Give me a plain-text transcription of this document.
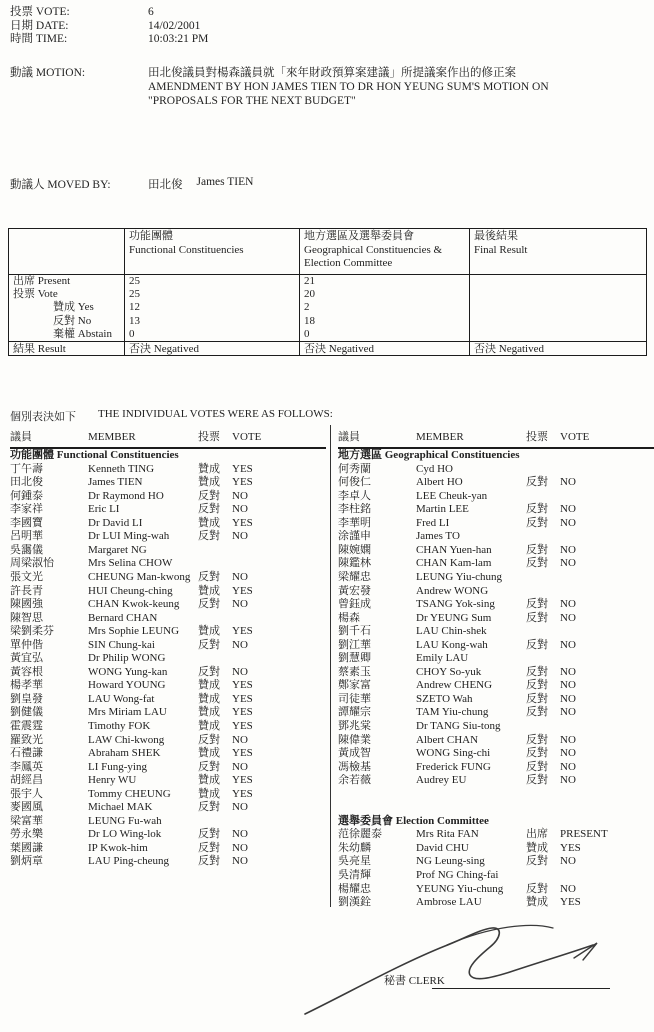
投票 VOTE:	6
日期 DATE:	14/02/2001
時間 TIME:	10:03:21 PM
動議 MOTION:	田北俊議員對楊森議員就「來年財政預算案建議」所提議案作出的修正案
AMENDMENT BY HON JAMES TIEN TO DR HON YEUNG SUM'S MOTION ON
"PROPOSALS FOR THE NEXT BUDGET"
動議人 MOVED BY:	田北俊 James TIEN
功能團體
Functional Constituencies
地方選區及選舉委員會
Geographical Constituencies & Election Committee
最後結果
Final Result
出席 Present	25	21
投票 Vote	25	20
贊成 Yes	12	2
反對 No	13	18
棄權 Abstain	0	0
結果 Result	否決 Negatived	否決 Negatived	否決 Negatived
個別表決如下 THE INDIVIDUAL VOTES WERE AS FOLLOWS:
議員	MEMBER	投票	VOTE
功能團體 Functional Constituencies
丁午壽	Kenneth TING	贊成	YES
田北俊	James TIEN	贊成	YES
何鍾泰	Dr Raymond HO	反對	NO
李家祥	Eric LI	反對	NO
李國寶	Dr David LI	贊成	YES
呂明華	Dr LUI Ming-wah	反對	NO
吳靄儀	Margaret NG
周梁淑怡	Mrs Selina CHOW
張文光	CHEUNG Man-kwong 反對	NO
許長青	HUI Cheung-ching	贊成	YES
陳國強	CHAN Kwok-keung	反對	NO
陳智思	Bernard CHAN
梁劉柔芬	Mrs Sophie LEUNG	贊成	YES
單仲偕	SIN Chung-kai	反對	NO
黃宜弘	Dr Philip WONG
黃容根	WONG Yung-kan	反對	NO
楊孝華	Howard YOUNG	贊成	YES
劉皇發	LAU Wong-fat	贊成	YES
劉健儀	Mrs Miriam LAU	贊成	YES
霍震霆	Timothy FOK	贊成	YES
羅致光	LAW Chi-kwong	反對	NO
石禮謙	Abraham SHEK	贊成	YES
李鳳英	LI Fung-ying	反對	NO
胡經昌	Henry WU	贊成	YES
張宇人	Tommy CHEUNG	贊成	YES
麥國風	Michael MAK	反對	NO
梁富華	LEUNG Fu-wah
勞永樂	Dr LO Wing-lok	反對	NO
葉國謙	IP Kwok-him	反對	NO
劉炳章	LAU Ping-cheung	反對	NO
議員	MEMBER	投票	VOTE
地方選區 Geographical Constituencies
何秀蘭	Cyd HO
何俊仁	Albert HO	反對	NO
李卓人	LEE Cheuk-yan
李柱銘	Martin LEE	反對	NO
李華明	Fred LI	反對	NO
涂謹申	James TO
陳婉嫻	CHAN Yuen-han	反對	NO
陳鑑林	CHAN Kam-lam	反對	NO
梁耀忠	LEUNG Yiu-chung
黃宏發	Andrew WONG
曾鈺成	TSANG Yok-sing	反對	NO
楊森	Dr YEUNG Sum	反對	NO
劉千石	LAU Chin-shek
劉江華	LAU Kong-wah	反對	NO
劉慧卿	Emily LAU
蔡素玉	CHOY So-yuk	反對	NO
鄭家富	Andrew CHENG	反對	NO
司徒華	SZETO Wah	反對	NO
譚耀宗	TAM Yiu-chung	反對	NO
鄧兆棠	Dr TANG Siu-tong
陳偉業	Albert CHAN	反對	NO
黃成智	WONG Sing-chi	反對	NO
馮檢基	Frederick FUNG	反對	NO
余若薇	Audrey EU	反對	NO
選舉委員會 Election Committee
范徐麗泰	Mrs Rita FAN	出席	PRESENT
朱幼麟	David CHU	贊成	YES
吳亮星	NG Leung-sing	反對	NO
吳清輝	Prof NG Ching-fai
楊耀忠	YEUNG Yiu-chung	反對	NO
劉漢銓	Ambrose LAU	贊成	YES
秘書 CLERK
